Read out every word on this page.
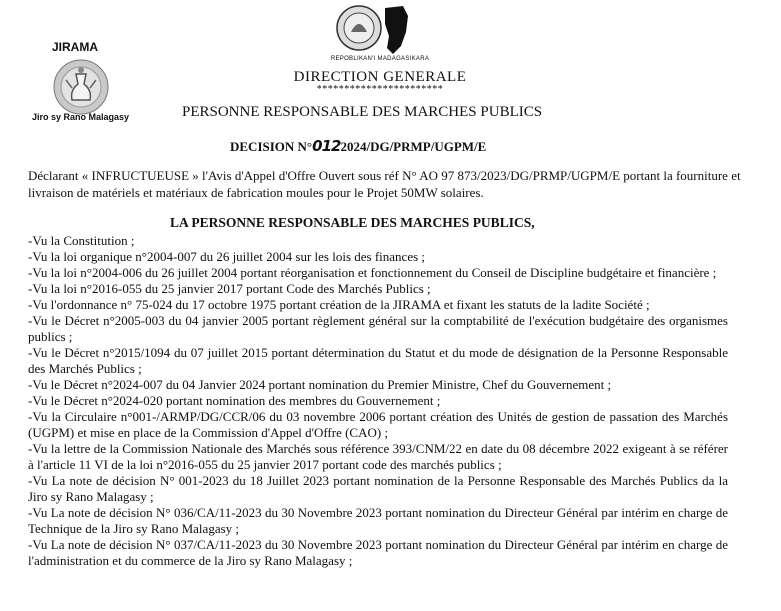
JIRAMA
Jiro sy Rano Malagasy
REPOBLIKAN'I MADAGASIKARA
DIRECTION GENERALE
***********************
PERSONNE RESPONSABLE DES MARCHES PUBLICS
DECISION N°0122024/DG/PRMP/UGPM/E
Déclarant « INFRUCTUEUSE » l'Avis d'Appel d'Offre Ouvert sous réf N° AO 97 873/2023/DG/PRMP/UGPM/E portant la fourniture et livraison de matériels et matériaux de fabrication moules pour le Projet 50MW solaires.
LA PERSONNE RESPONSABLE DES MARCHES PUBLICS,
-Vu la Constitution ;
-Vu la loi organique n°2004-007 du 26 juillet 2004 sur les lois des finances ;
-Vu la loi n°2004-006 du 26 juillet 2004 portant réorganisation et fonctionnement du Conseil de Discipline budgétaire et financière ;
-Vu la loi n°2016-055 du 25 janvier 2017 portant Code des Marchés Publics ;
-Vu l'ordonnance n° 75-024 du 17 octobre 1975 portant création de la JIRAMA et fixant les statuts de la ladite Société ;
-Vu le Décret n°2005-003 du 04 janvier 2005 portant règlement général sur la comptabilité de l'exécution budgétaire des organismes publics ;
-Vu le Décret n°2015/1094 du 07 juillet 2015 portant détermination du Statut et du mode de désignation de la Personne Responsable des Marchés Publics ;
-Vu le Décret n°2024-007 du 04 Janvier 2024 portant nomination du Premier Ministre, Chef du Gouvernement ;
-Vu le Décret n°2024-020 portant nomination des membres du Gouvernement ;
-Vu la Circulaire n°001-/ARMP/DG/CCR/06 du 03 novembre 2006 portant création des Unités de gestion de passation des Marchés (UGPM) et mise en place de la Commission d'Appel d'Offre (CAO) ;
-Vu la lettre de la Commission Nationale des Marchés sous référence 393/CNM/22 en date du 08 décembre 2022 exigeant à se référer à l'article 11 VI de la loi n°2016-055 du 25 janvier 2017 portant code des marchés publics ;
-Vu La note de décision N° 001-2023 du 18 Juillet 2023 portant nomination de la Personne Responsable des Marchés Publics da la Jiro sy Rano Malagasy ;
-Vu La note de décision N° 036/CA/11-2023 du 30 Novembre 2023 portant nomination du Directeur Général par intérim en charge de Technique de la Jiro sy Rano Malagasy ;
-Vu La note de décision N° 037/CA/11-2023 du 30 Novembre 2023 portant nomination du Directeur Général par intérim en charge de l'administration et du commerce de la Jiro sy Rano Malagasy ;
